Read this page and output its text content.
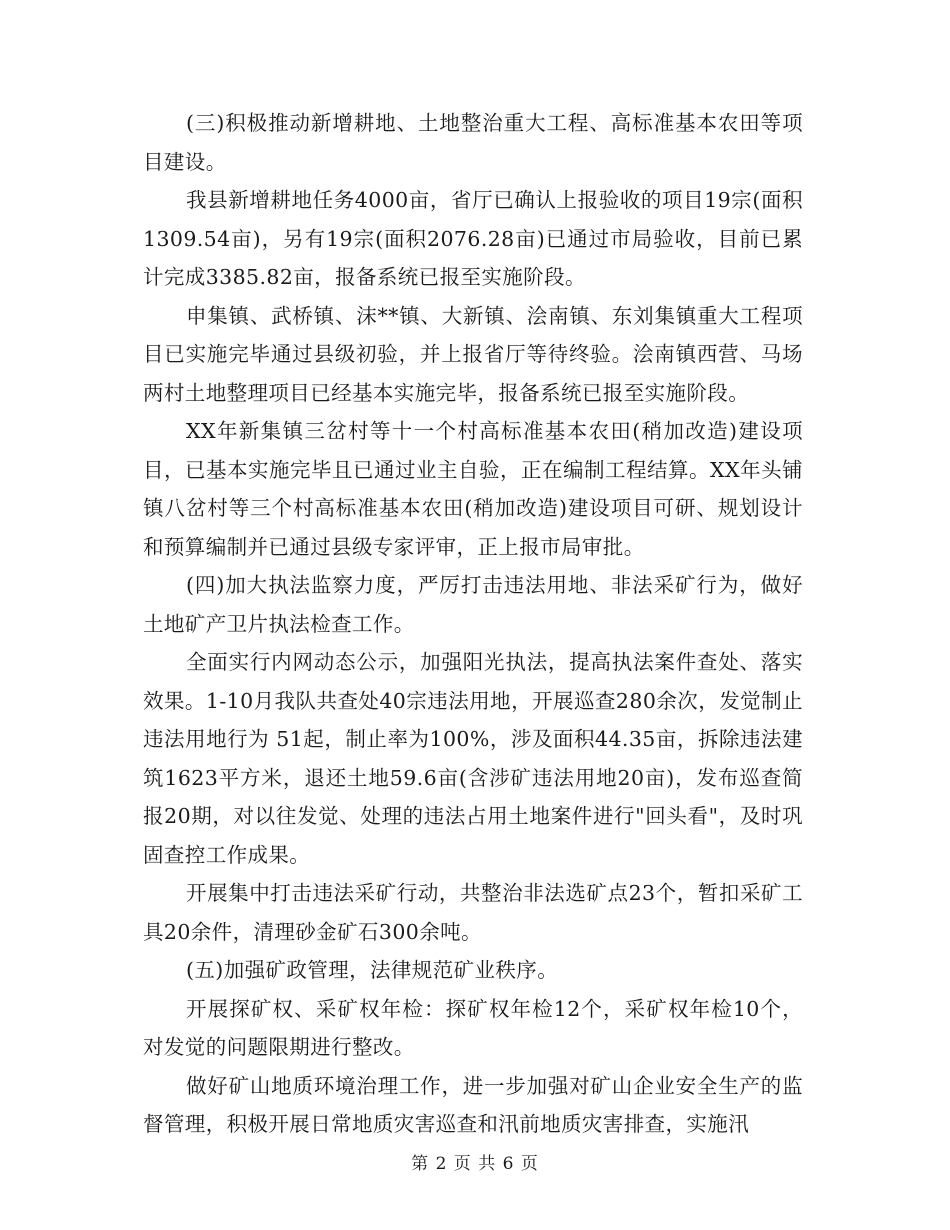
(三)积极推动新增耕地、土地整治重大工程、高标准基本农田等项目建设。

我县新增耕地任务4000亩，省厅已确认上报验收的项目19宗(面积1309.54亩)，另有19宗(面积2076.28亩)已通过市局验收，目前已累计完成3385.82亩，报备系统已报至实施阶段。

申集镇、武桥镇、沫**镇、大新镇、浍南镇、东刘集镇重大工程项目已实施完毕通过县级初验，并上报省厅等待终验。浍南镇西营、马场两村土地整理项目已经基本实施完毕，报备系统已报至实施阶段。

XX年新集镇三岔村等十一个村高标准基本农田(稍加改造)建设项目，已基本实施完毕且已通过业主自验，正在编制工程结算。XX年头铺镇八岔村等三个村高标准基本农田(稍加改造)建设项目可研、规划设计和预算编制并已通过县级专家评审，正上报市局审批。

(四)加大执法监察力度，严厉打击违法用地、非法采矿行为，做好土地矿产卫片执法检查工作。

全面实行内网动态公示，加强阳光执法，提高执法案件查处、落实效果。1-10月我队共查处40宗违法用地，开展巡查280余次，发觉制止违法用地行为 51起，制止率为100%，涉及面积44.35亩，拆除违法建筑1623平方米，退还土地59.6亩(含涉矿违法用地20亩)，发布巡查简报20期，对以往发觉、处理的违法占用土地案件进行"回头看"，及时巩固查控工作成果。

开展集中打击违法采矿行动，共整治非法选矿点23个，暂扣采矿工具20余件，清理砂金矿石300余吨。

(五)加强矿政管理，法律规范矿业秩序。

开展探矿权、采矿权年检：探矿权年检12个，采矿权年检10个，对发觉的问题限期进行整改。

做好矿山地质环境治理工作，进一步加强对矿山企业安全生产的监督管理，积极开展日常地质灾害巡查和汛前地质灾害排查，实施汛

第 2 页 共 6 页
